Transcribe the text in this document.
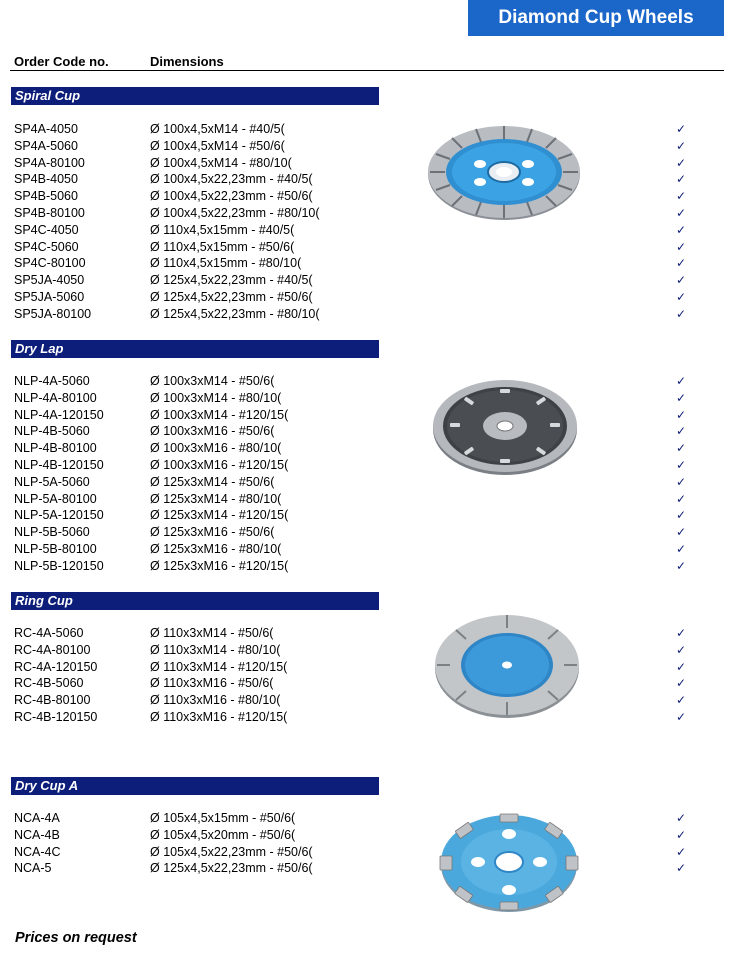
Diamond Cup Wheels
Order Code no.	Dimensions
Spiral Cup
SP4A-4050	Ø 100x4,5xM14 - #40/5(	✓
SP4A-5060	Ø 100x4,5xM14 - #50/6(	✓
SP4A-80100	Ø 100x4,5xM14 - #80/10(	✓
SP4B-4050	Ø 100x4,5x22,23mm - #40/5(	✓
SP4B-5060	Ø 100x4,5x22,23mm - #50/6(	✓
SP4B-80100	Ø 100x4,5x22,23mm - #80/10(	✓
SP4C-4050	Ø 110x4,5x15mm - #40/5(	✓
SP4C-5060	Ø 110x4,5x15mm - #50/6(	✓
SP4C-80100	Ø 110x4,5x15mm - #80/10(	✓
SP5JA-4050	Ø 125x4,5x22,23mm - #40/5(	✓
SP5JA-5060	Ø 125x4,5x22,23mm - #50/6(	✓
SP5JA-80100	Ø 125x4,5x22,23mm - #80/10(	✓
Dry Lap
NLP-4A-5060	Ø 100x3xM14 - #50/6(	✓
NLP-4A-80100	Ø 100x3xM14 - #80/10(	✓
NLP-4A-120150	Ø 100x3xM14 - #120/15(	✓
NLP-4B-5060	Ø 100x3xM16 - #50/6(	✓
NLP-4B-80100	Ø 100x3xM16 - #80/10(	✓
NLP-4B-120150	Ø 100x3xM16 - #120/15(	✓
NLP-5A-5060	Ø 125x3xM14 - #50/6(	✓
NLP-5A-80100	Ø 125x3xM14 - #80/10(	✓
NLP-5A-120150	Ø 125x3xM14 - #120/15(	✓
NLP-5B-5060	Ø 125x3xM16 - #50/6(	✓
NLP-5B-80100	Ø 125x3xM16 - #80/10(	✓
NLP-5B-120150	Ø 125x3xM16 - #120/15(	✓
Ring Cup
RC-4A-5060	Ø 110x3xM14 - #50/6(	✓
RC-4A-80100	Ø 110x3xM14 - #80/10(	✓
RC-4A-120150	Ø 110x3xM14 - #120/15(	✓
RC-4B-5060	Ø 110x3xM16 - #50/6(	✓
RC-4B-80100	Ø 110x3xM16 - #80/10(	✓
RC-4B-120150	Ø 110x3xM16 - #120/15(	✓
Dry Cup A
NCA-4A	Ø 105x4,5x15mm - #50/6(	✓
NCA-4B	Ø 105x4,5x20mm - #50/6(	✓
NCA-4C	Ø 105x4,5x22,23mm - #50/6(	✓
NCA-5	Ø 125x4,5x22,23mm - #50/6(	✓
Prices on request
